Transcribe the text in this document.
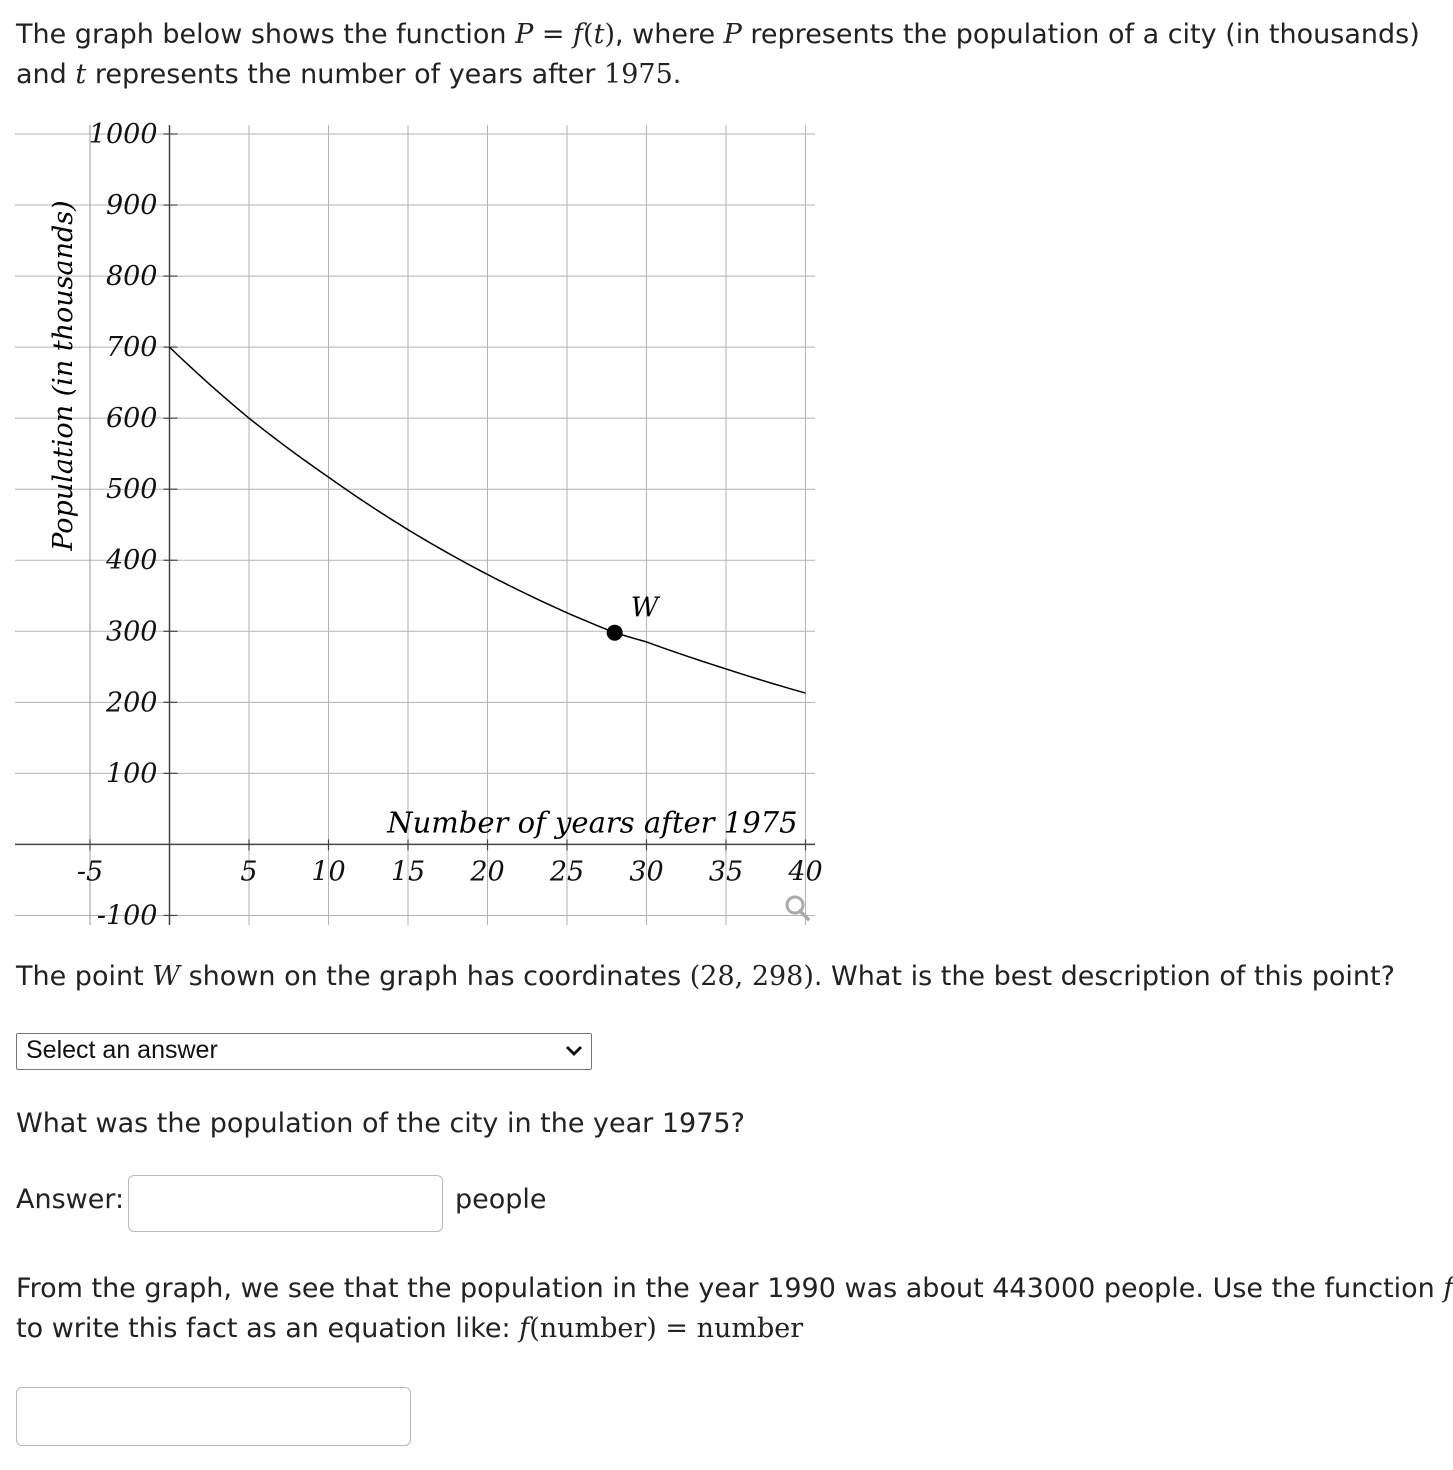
The graph below shows the function P = f(t), where P represents the population of a city (in thousands)
and t represents the number of years after 1975.

1000
900
800
700
600
500
400
300
200
100
-100
-5	5 10 15 20 25 30 35 40
W
Number of years after 1975
Population (in thousands)

The point W shown on the graph has coordinates (28, 298). What is the best description of this point?

Select an answer

What was the population of the city in the year 1975?

Answer:	people

From the graph, we see that the population in the year 1990 was about 443000 people. Use the function f
to write this fact as an equation like: f(number) = number
